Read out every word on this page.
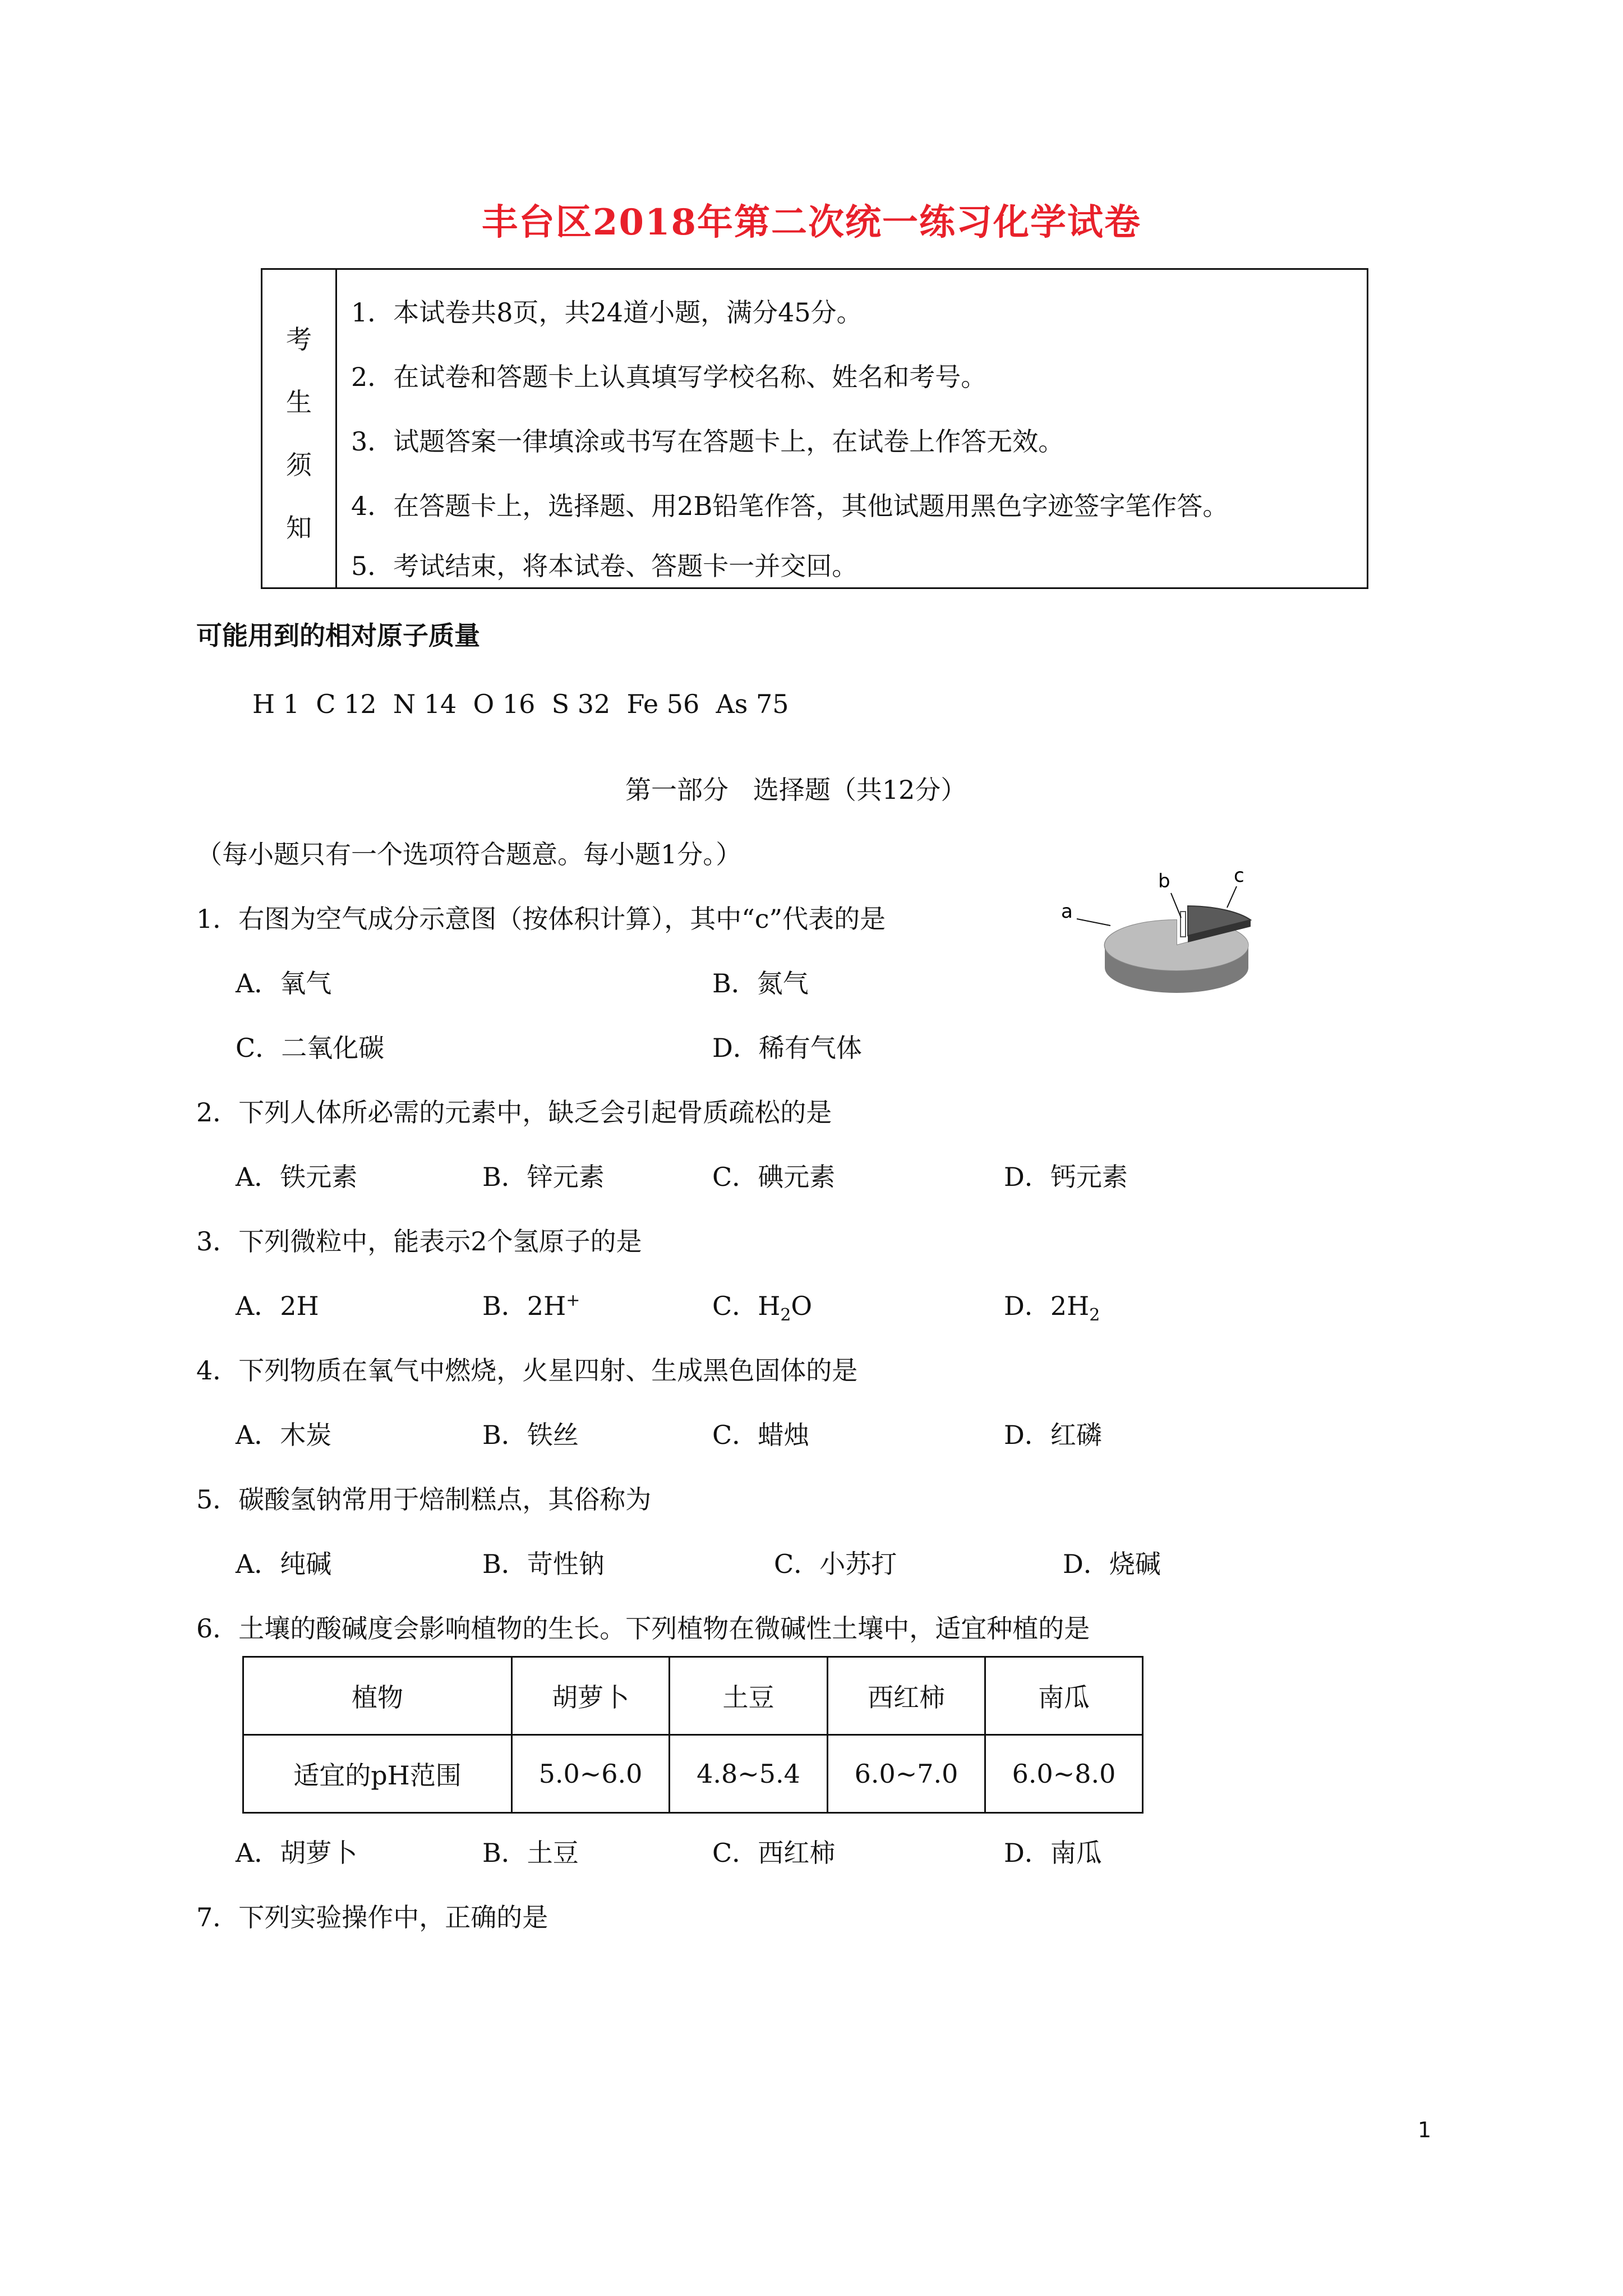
丰台区2018年第二次统一练习化学试卷
考
生
须
知
1．本试卷共8页，共24道小题，满分45分。
2．在试卷和答题卡上认真填写学校名称、姓名和考号。
3．试题答案一律填涂或书写在答题卡上，在试卷上作答无效。
4．在答题卡上，选择题、用2B铅笔作答，其他试题用黑色字迹签字笔作答。
5．考试结束，将本试卷、答题卡一并交回。
可能用到的相对原子质量
H 1  C 12  N 14  O 16  S 32  Fe 56  As 75
第一部分   选择题（共12分）
（每小题只有一个选项符合题意。每小题1分。）
1．右图为空气成分示意图（按体积计算），其中“c”代表的是
A．氧气	B．氮气
C．二氧化碳	D．稀有气体
a
b	c
2．下列人体所必需的元素中，缺乏会引起骨质疏松的是
A．铁元素	B．锌元素	C．碘元素	D．钙元素
3．下列微粒中，能表示2个氢原子的是
A．2H	B．2H+	C．$H_2O$	D．$2H_2$
4．下列物质在氧气中燃烧，火星四射、生成黑色固体的是
A．木炭	B．铁丝	C．蜡烛	D．红磷
5．碳酸氢钠常用于焙制糕点，其俗称为
A．纯碱	B．苛性钠	C．小苏打	D．烧碱
6．土壤的酸碱度会影响植物的生长。下列植物在微碱性土壤中，适宜种植的是
植物	胡萝卜	土豆	西红柿	南瓜
适宜的pH范围	5.0~6.0	4.8~5.4	6.0~7.0	6.0~8.0
A．胡萝卜	B．土豆	C．西红柿	D．南瓜
7．下列实验操作中，正确的是
1
